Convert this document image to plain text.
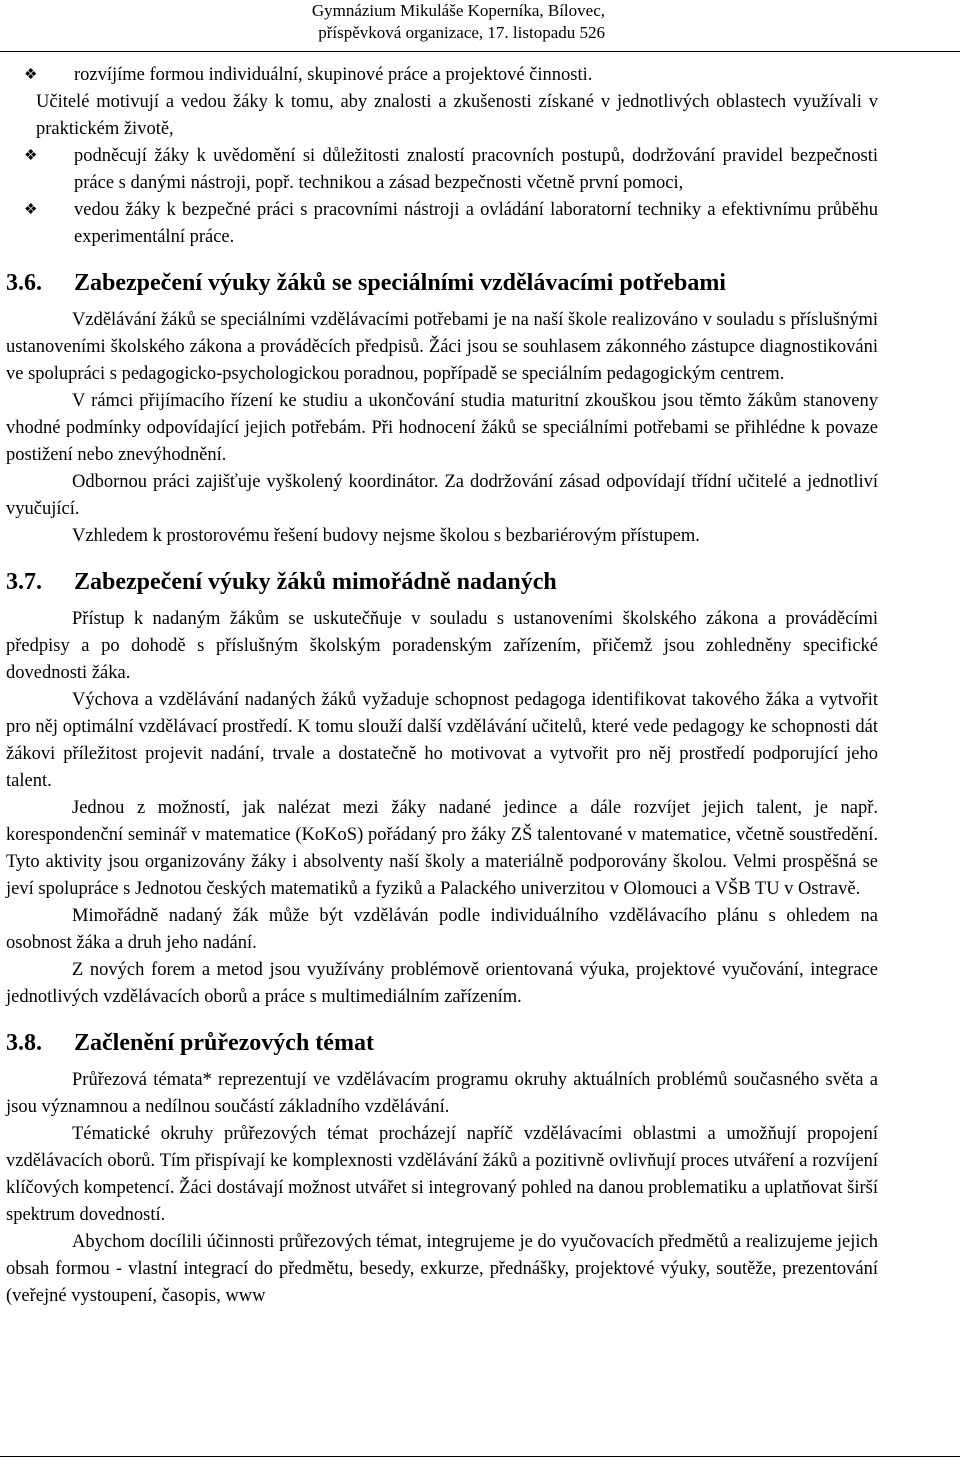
Gymnázium Mikuláše Koperníka, Bílovec,
příspěvková organizace, 17. listopadu 526

❖ rozvíjíme formou individuální, skupinové práce a projektové činnosti.

Učitelé motivují a vedou žáky k tomu, aby znalosti a zkušenosti získané v jednotlivých oblastech využívali v praktickém životě,

❖ podněcují žáky k uvědomění si důležitosti znalostí pracovních postupů, dodržování pravidel bezpečnosti práce s danými nástroji, popř. technikou a zásad bezpečnosti včetně první pomoci,

❖ vedou žáky k bezpečné práci s pracovními nástroji a ovládání laboratorní techniky a efektivnímu průběhu experimentální práce.

3.6. Zabezpečení výuky žáků se speciálními vzdělávacími potřebami

Vzdělávání žáků se speciálními vzdělávacími potřebami je na naší škole realizováno v souladu s příslušnými ustanoveními školského zákona a prováděcích předpisů. Žáci jsou se souhlasem zákonného zástupce diagnostikováni ve spolupráci s pedagogicko-psychologickou poradnou, popřípadě se speciálním pedagogickým centrem.

V rámci přijímacího řízení ke studiu a ukončování studia maturitní zkouškou jsou těmto žákům stanoveny vhodné podmínky odpovídající jejich potřebám. Při hodnocení žáků se speciálními potřebami se přihlédne k povaze postižení nebo znevýhodnění.

Odbornou práci zajišťuje vyškolený koordinátor. Za dodržování zásad odpovídají třídní učitelé a jednotliví vyučující.

Vzhledem k prostorovému řešení budovy nejsme školou s bezbariérovým přístupem.

3.7. Zabezpečení výuky žáků mimořádně nadaných

Přístup k nadaným žákům se uskutečňuje v souladu s ustanoveními školského zákona a prováděcími předpisy a po dohodě s příslušným školským poradenským zařízením, přičemž jsou zohledněny specifické dovednosti žáka.

Výchova a vzdělávání nadaných žáků vyžaduje schopnost pedagoga identifikovat takového žáka a vytvořit pro něj optimální vzdělávací prostředí. K tomu slouží další vzdělávání učitelů, které vede pedagogy ke schopnosti dát žákovi příležitost projevit nadání, trvale a dostatečně ho motivovat a vytvořit pro něj prostředí podporující jeho talent.

Jednou z možností, jak nalézat mezi žáky nadané jedince a dále rozvíjet jejich talent, je např. korespondenční seminář v matematice (KoKoS) pořádaný pro žáky ZŠ talentované v matematice, včetně soustředění. Tyto aktivity jsou organizovány žáky i absolventy naší školy a materiálně podporovány školou. Velmi prospěšná se jeví spolupráce s Jednotou českých matematiků a fyziků a Palackého univerzitou v Olomouci a VŠB TU v Ostravě.

Mimořádně nadaný žák může být vzděláván podle individuálního vzdělávacího plánu s ohledem na osobnost žáka a druh jeho nadání.

Z nových forem a metod jsou využívány problémově orientovaná výuka, projektové vyučování, integrace jednotlivých vzdělávacích oborů a práce s multimediálním zařízením.

3.8. Začlenění průřezových témat

Průřezová témata* reprezentují ve vzdělávacím programu okruhy aktuálních problémů současného světa a jsou významnou a nedílnou součástí základního vzdělávání.

Tématické okruhy průřezových témat procházejí napříč vzdělávacími oblastmi a umožňují propojení vzdělávacích oborů. Tím přispívají ke komplexnosti vzdělávání žáků a pozitivně ovlivňují proces utváření a rozvíjení klíčových kompetencí. Žáci dostávají možnost utvářet si integrovaný pohled na danou problematiku a uplatňovat širší spektrum dovedností.

Abychom docílili účinnosti průřezových témat, integrujeme je do vyučovacích předmětů a realizujeme jejich obsah formou - vlastní integrací do předmětu, besedy, exkurze, přednášky, projektové výuky, soutěže, prezentování (veřejné vystoupení, časopis, www
